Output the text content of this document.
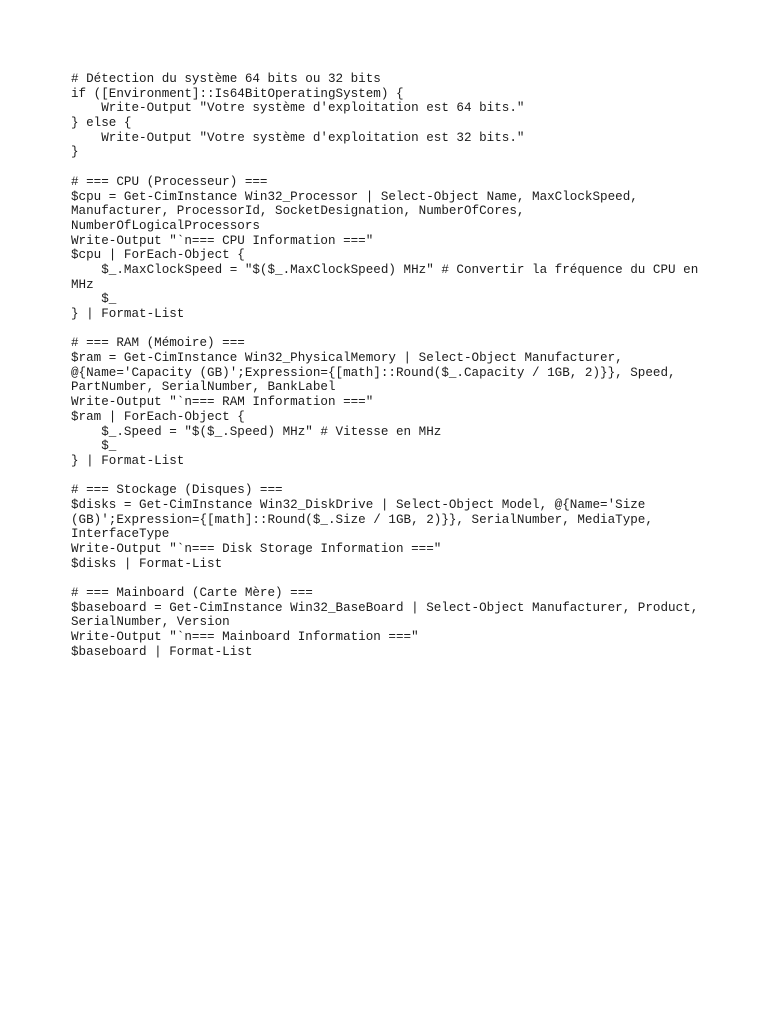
# Détection du système 64 bits ou 32 bits
if ([Environment]::Is64BitOperatingSystem) {
Write-Output "Votre système d'exploitation est 64 bits."
} else {
Write-Output "Votre système d'exploitation est 32 bits."
}
# === CPU (Processeur) ===
$cpu = Get-CimInstance Win32_Processor | Select-Object Name, MaxClockSpeed,
Manufacturer, ProcessorId, SocketDesignation, NumberOfCores,
NumberOfLogicalProcessors
Write-Output "`n=== CPU Information ==="
$cpu | ForEach-Object {
$_.MaxClockSpeed = "$($_.MaxClockSpeed) MHz" # Convertir la fréquence du CPU en
MHz
$_
} | Format-List
# === RAM (Mémoire) ===
$ram = Get-CimInstance Win32_PhysicalMemory | Select-Object Manufacturer,
@{Name='Capacity (GB)';Expression={[math]::Round($_.Capacity / 1GB, 2)}}, Speed,
PartNumber, SerialNumber, BankLabel
Write-Output "`n=== RAM Information ==="
$ram | ForEach-Object {
$_.Speed = "$($_.Speed) MHz" # Vitesse en MHz
$_
} | Format-List
# === Stockage (Disques) ===
$disks = Get-CimInstance Win32_DiskDrive | Select-Object Model, @{Name='Size
(GB)';Expression={[math]::Round($_.Size / 1GB, 2)}}, SerialNumber, MediaType,
InterfaceType
Write-Output "`n=== Disk Storage Information ==="
$disks | Format-List
# === Mainboard (Carte Mère) ===
$baseboard = Get-CimInstance Win32_BaseBoard | Select-Object Manufacturer, Product,
SerialNumber, Version
Write-Output "`n=== Mainboard Information ==="
$baseboard | Format-List
